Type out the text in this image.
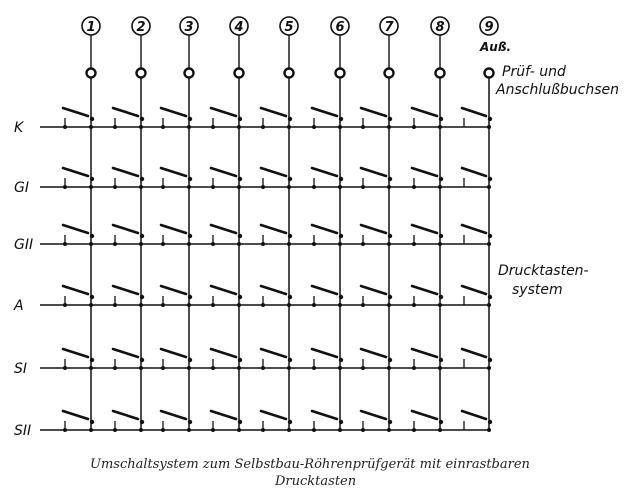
1	2	3	4	5	6	7	8	9
K
GI
GII
A
SI
SII
Auß.
Prüf- und
Anschlußbuchsen
Drucktasten-
system
Umschaltsystem zum Selbstbau-Röhrenprüfgerät mit einrastbaren
Drucktasten
